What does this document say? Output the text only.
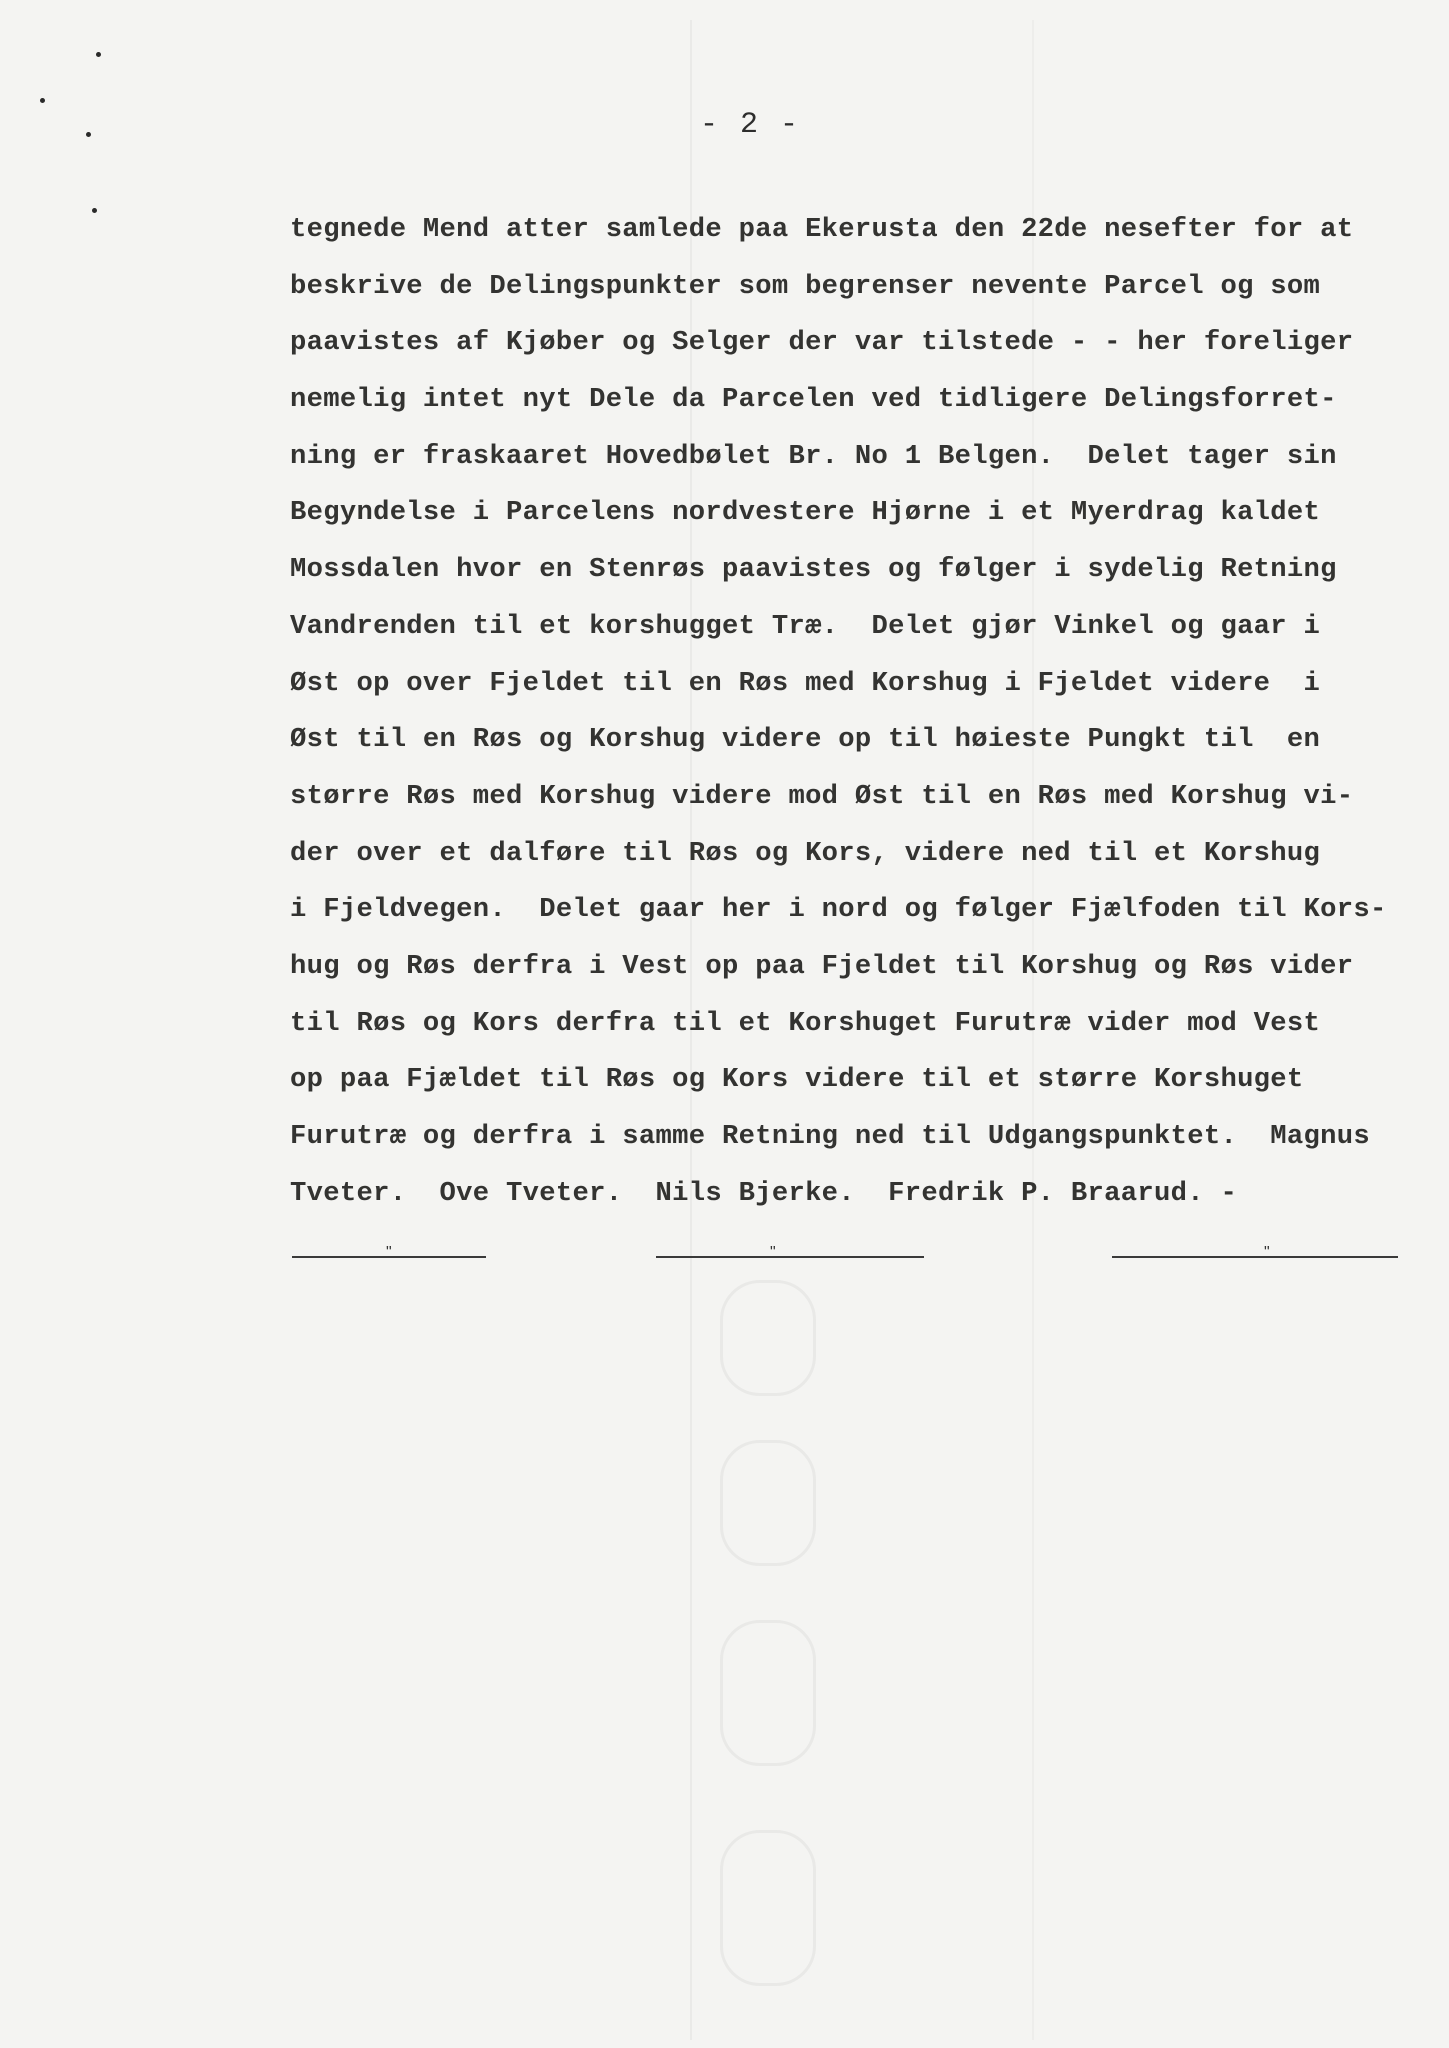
- 2 -
tegnede Mend atter samlede paa Ekerusta den 22de nesefter for at
beskrive de Delingspunkter som begrenser nevente Parcel og som
paavistes af Kjøber og Selger der var tilstede - - her foreliger
nemelig intet nyt Dele da Parcelen ved tidligere Delingsforret-
ning er fraskaaret Hovedbølet Br. No 1 Belgen.  Delet tager sin
Begyndelse i Parcelens nordvestere Hjørne i et Myerdrag kaldet
Mossdalen hvor en Stenrøs paavistes og følger i sydelig Retning
Vandrenden til et korshugget Træ.  Delet gjør Vinkel og gaar i
Øst op over Fjeldet til en Røs med Korshug i Fjeldet videre  i
Øst til en Røs og Korshug videre op til høieste Pungkt til  en
større Røs med Korshug videre mod Øst til en Røs med Korshug vi-
der over et dalføre til Røs og Kors, videre ned til et Korshug
i Fjeldvegen.  Delet gaar her i nord og følger Fjælfoden til Kors-
hug og Røs derfra i Vest op paa Fjeldet til Korshug og Røs vider
til Røs og Kors derfra til et Korshuget Furutræ vider mod Vest
op paa Fjældet til Røs og Kors videre til et større Korshuget
Furutræ og derfra i samme Retning ned til Udgangspunktet.  Magnus
Tveter.  Ove Tveter.  Nils Bjerke.  Fredrik P. Braarud. -
"	"	"
